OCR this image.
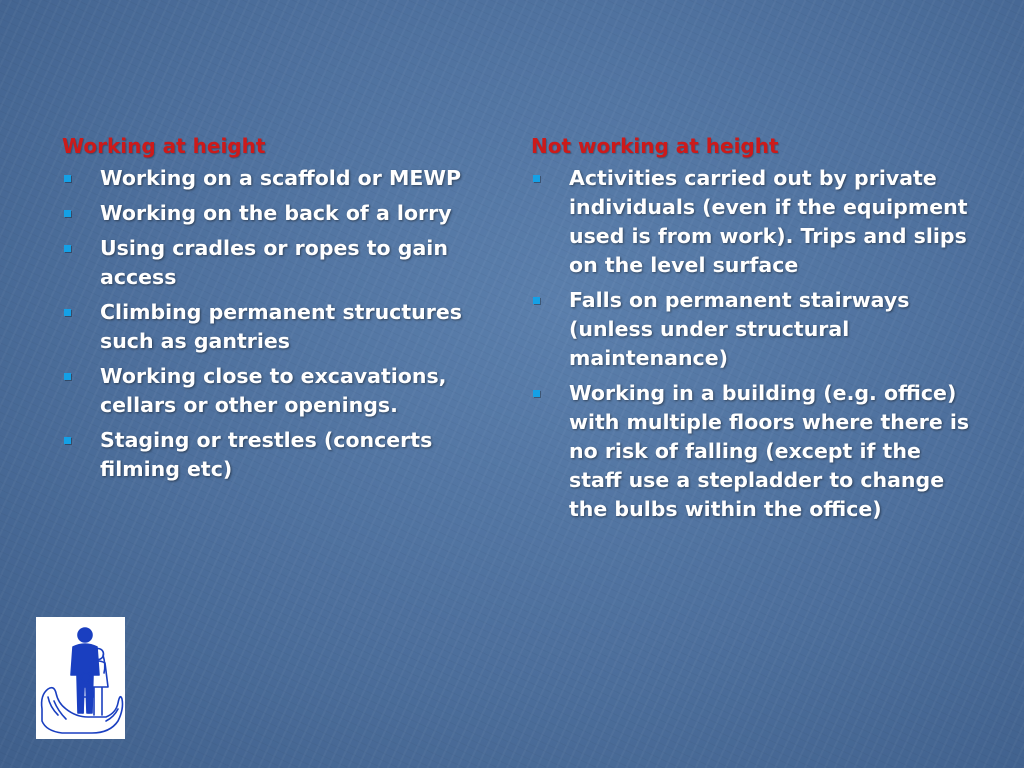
Working at height
Working on a scaffold or MEWP
Working on the back of a lorry
Using cradles or ropes to gain access
Climbing permanent structures such as gantries
Working close to excavations, cellars or other openings.
Staging or trestles (concerts filming etc)
Not working at height
Activities carried out by private individuals (even if the equipment used is from work). Trips and slips on the level surface
Falls on permanent stairways (unless under structural maintenance)
Working in a building (e.g. office) with multiple floors where there is no risk of falling (except if the staff use a stepladder to change the bulbs within the office)
